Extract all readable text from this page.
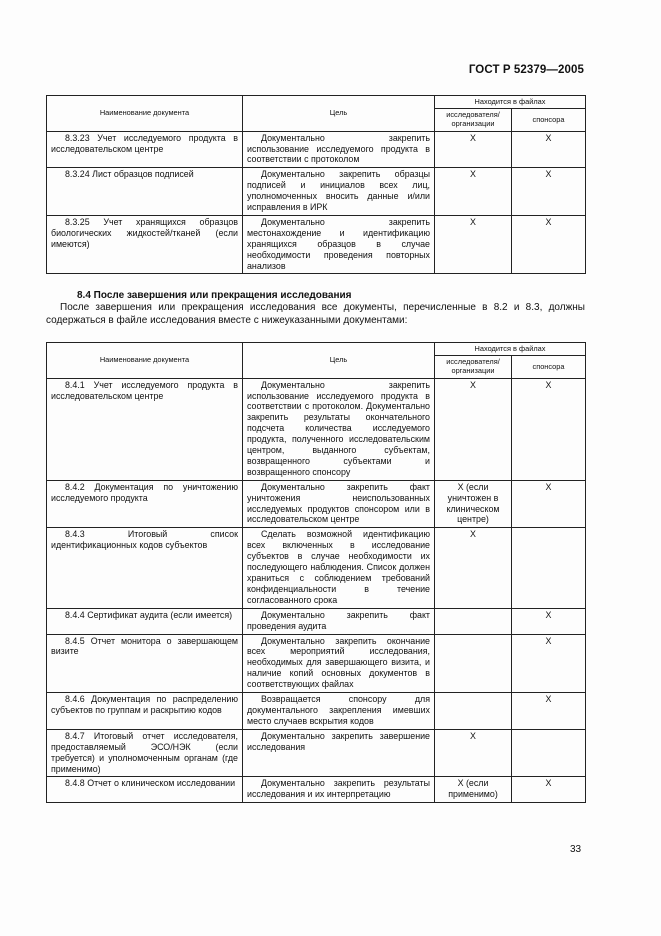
ГОСТ Р 52379—2005
Наименование документа	Цель	Находится в файлах	
		исследователя/ организации	спонсора

8.3.23 Учет исследуемого продукта в исследовательском центре	Документально закрепить использование исследуемого продукта в соответствии с протоколом	X	X

8.3.24 Лист образцов подписей	Документально закрепить образцы подписей и инициалов всех лиц, уполномоченных вносить данные и/или исправления в ИРК	X	X

8.3.25 Учет хранящихся образцов биологических жидкостей/тканей (если имеются)	Документально закрепить местонахождение и идентификацию хранящихся образцов в случае необходимости проведения повторных анализов	X	X
8.4 После завершения или прекращения исследования
После завершения или прекращения исследования все документы, перечисленные в 8.2 и 8.3, должны содержаться в файле исследования вместе с нижеуказанными документами:
Наименование документа	Цель	Находится в файлах	
		исследователя/ организации	спонсора

8.4.1 Учет исследуемого продукта в исследовательском центре	Документально закрепить использование исследуемого продукта в соответствии с протоколом. Документально закрепить результаты окончательного подсчета количества исследуемого продукта, полученного исследовательским центром, выданного субъектам, возвращенного субъектами и возвращенного спонсору	X	X

8.4.2 Документация по уничтожению исследуемого продукта	Документально закрепить факт уничтожения неиспользованных исследуемых продуктов спонсором или в исследовательском центре	X (если уничтожен в клиническом центре)	X

8.4.3 Итоговый список идентификационных кодов субъектов	Сделать возможной идентификацию всех включенных в исследование субъектов в случае необходимости их последующего наблюдения. Список должен храниться с соблюдением требований конфиденциальности в течение согласованного срока	X	

8.4.4 Сертификат аудита (если имеется)	Документально закрепить факт проведения аудита		X

8.4.5 Отчет монитора о завершающем визите	Документально закрепить окончание всех мероприятий исследования, необходимых для завершающего визита, и наличие копий основных документов в соответствующих файлах		X

8.4.6 Документация по распределению субъектов по группам и раскрытию кодов	Возвращается спонсору для документального закрепления имевших место случаев вскрытия кодов		X

8.4.7 Итоговый отчет исследователя, предоставляемый ЭСО/НЭК (если требуется) и уполномоченным органам (где применимо)	Документально закрепить завершение исследования	X	

8.4.8 Отчет о клиническом исследовании	Документально закрепить результаты исследования и их интерпретацию	X (если применимо)	X
33
